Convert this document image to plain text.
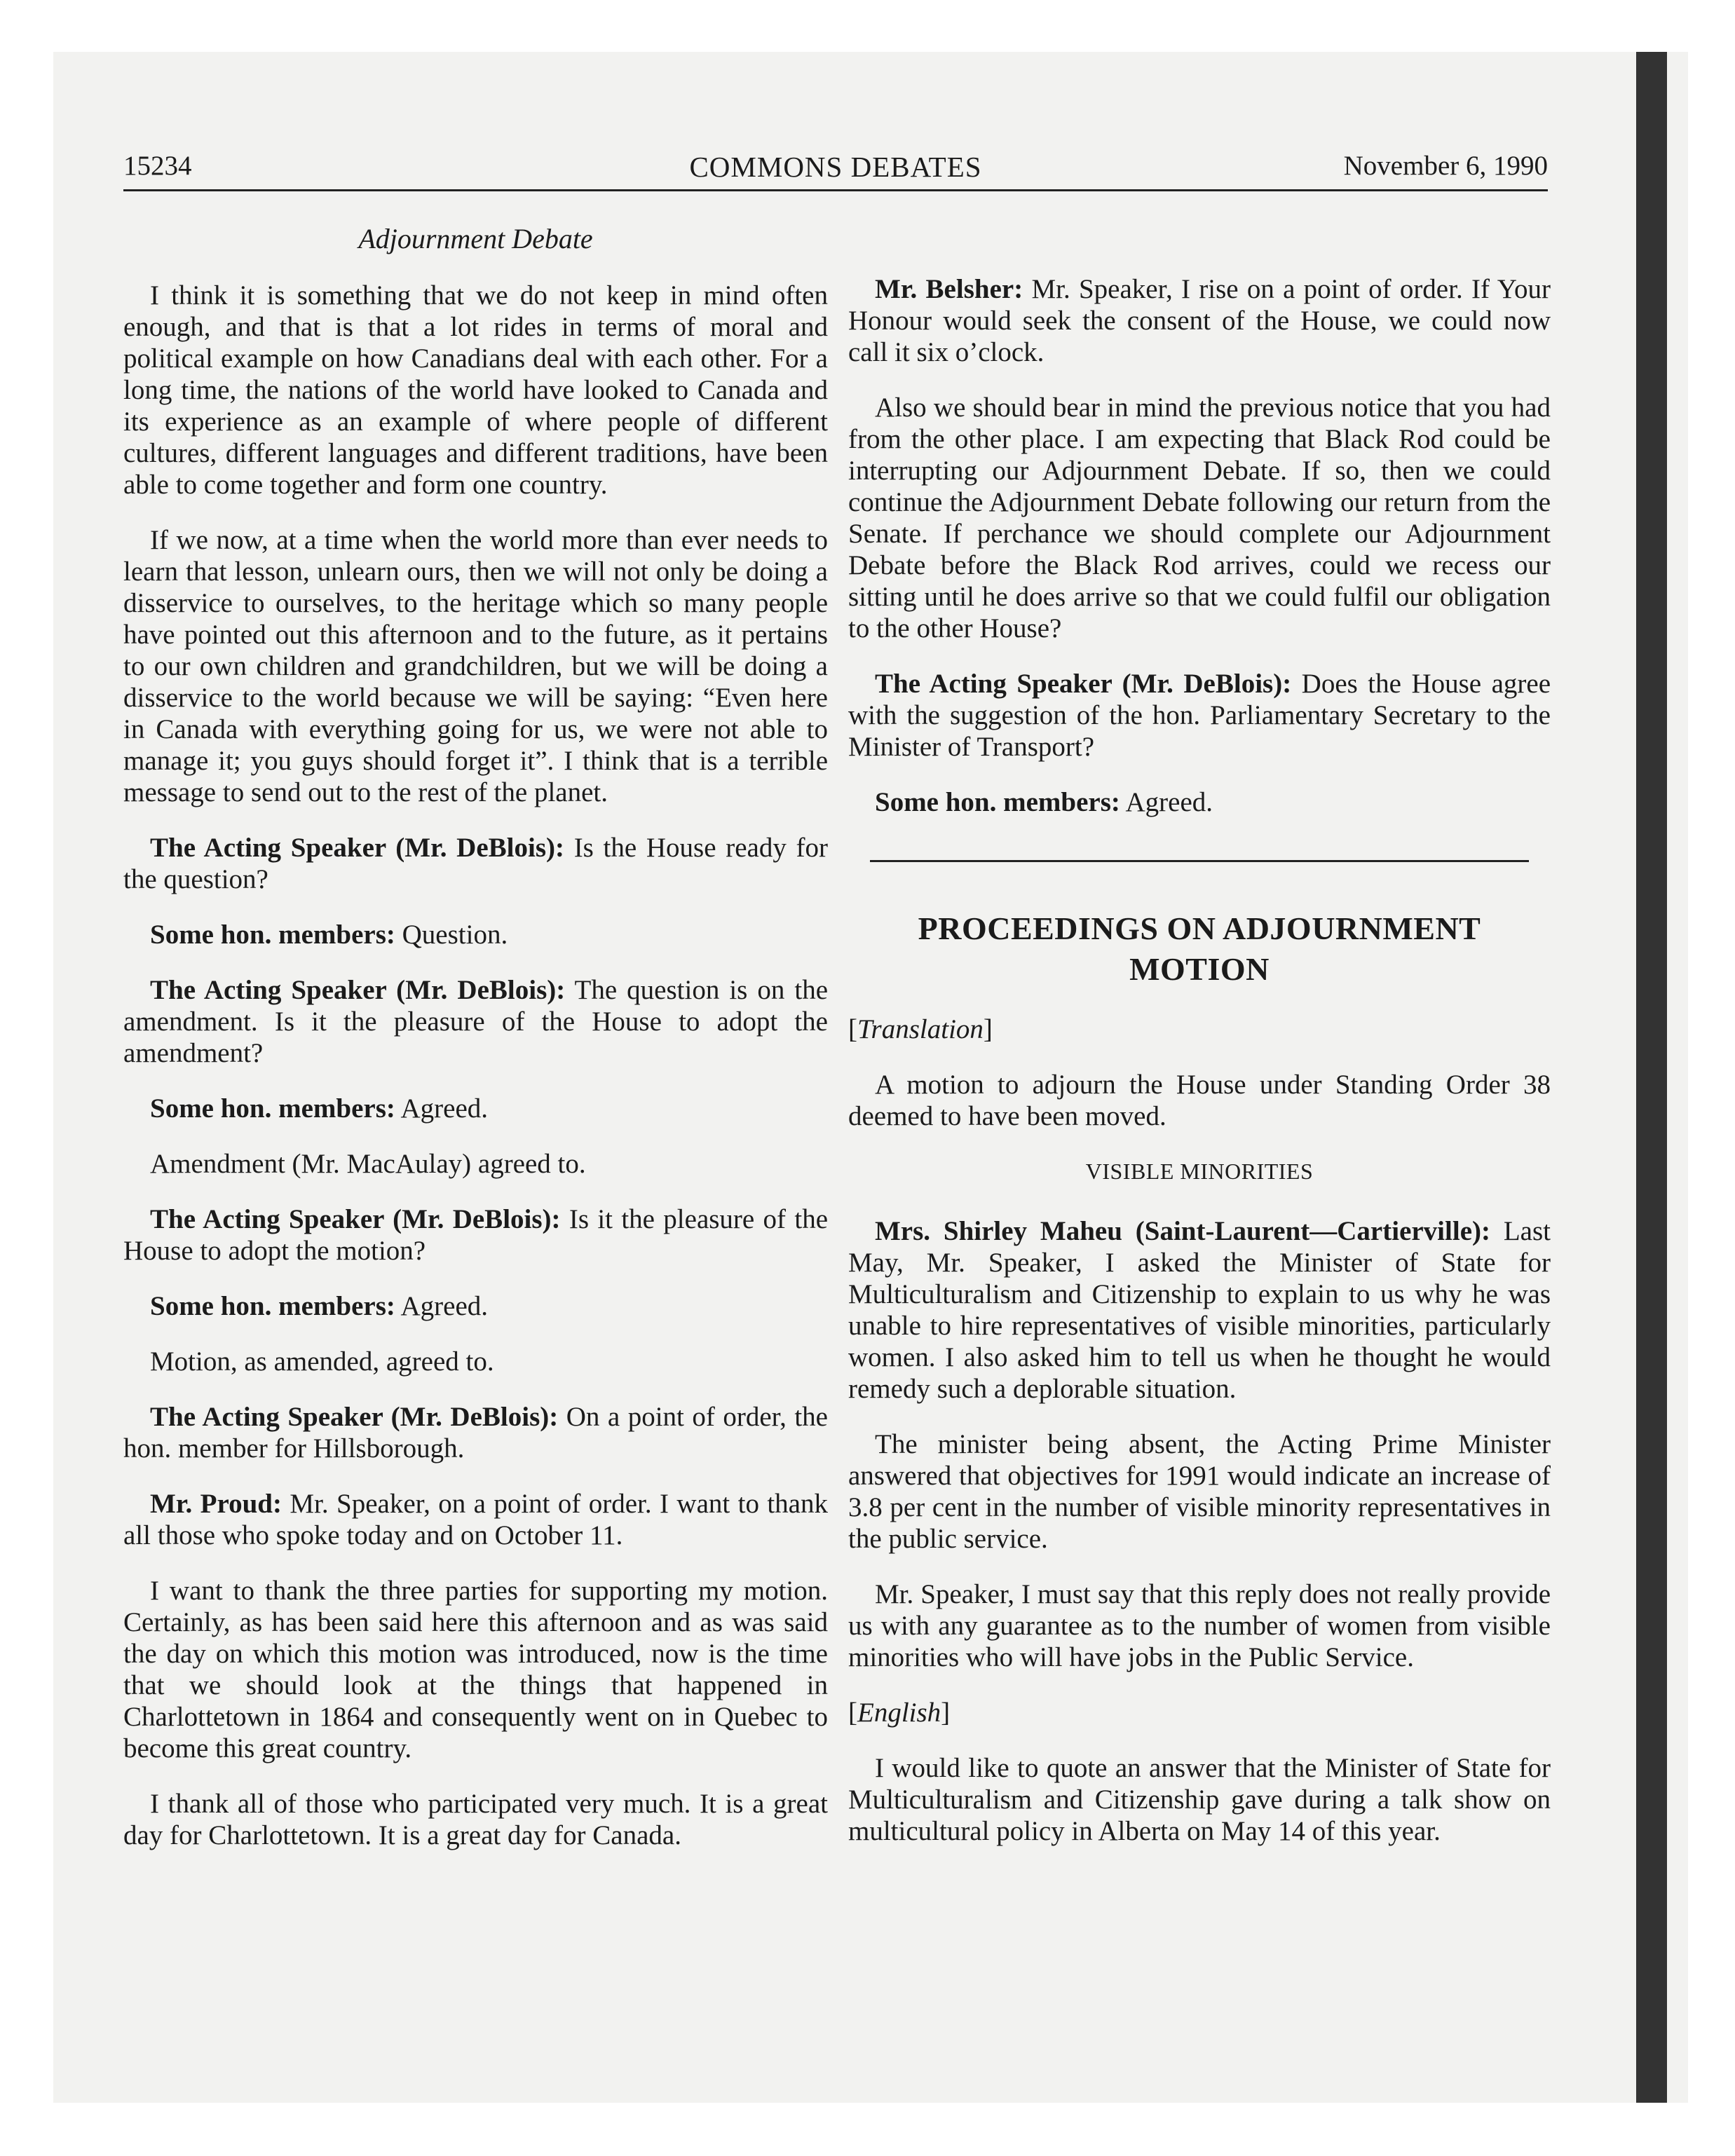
15234	COMMONS DEBATES	November 6, 1990
Adjournment Debate

I think it is something that we do not keep in mind often enough, and that is that a lot rides in terms of moral and political example on how Canadians deal with each other. For a long time, the nations of the world have looked to Canada and its experience as an example of where people of different cultures, different languages and different traditions, have been able to come together and form one country.

If we now, at a time when the world more than ever needs to learn that lesson, unlearn ours, then we will not only be doing a disservice to ourselves, to the heritage which so many people have pointed out this afternoon and to the future, as it pertains to our own children and grandchildren, but we will be doing a disservice to the world because we will be saying: “Even here in Canada with everything going for us, we were not able to manage it; you guys should forget it”. I think that is a terrible message to send out to the rest of the planet.

The Acting Speaker (Mr. DeBlois): Is the House ready for the question?

Some hon. members: Question.

The Acting Speaker (Mr. DeBlois): The question is on the amendment. Is it the pleasure of the House to adopt the amendment?

Some hon. members: Agreed.

Amendment (Mr. MacAulay) agreed to.

The Acting Speaker (Mr. DeBlois): Is it the pleasure of the House to adopt the motion?

Some hon. members: Agreed.

Motion, as amended, agreed to.

The Acting Speaker (Mr. DeBlois): On a point of order, the hon. member for Hillsborough.

Mr. Proud: Mr. Speaker, on a point of order. I want to thank all those who spoke today and on October 11.

I want to thank the three parties for supporting my motion. Certainly, as has been said here this afternoon and as was said the day on which this motion was introduced, now is the time that we should look at the things that happened in Charlottetown in 1864 and consequently went on in Quebec to become this great country.

I thank all of those who participated very much. It is a great day for Charlottetown. It is a great day for Canada.

Mr. Belsher: Mr. Speaker, I rise on a point of order. If Your Honour would seek the consent of the House, we could now call it six o’clock.

Also we should bear in mind the previous notice that you had from the other place. I am expecting that Black Rod could be interrupting our Adjournment Debate. If so, then we could continue the Adjournment Debate following our return from the Senate. If perchance we should complete our Adjournment Debate before the Black Rod arrives, could we recess our sitting until he does arrive so that we could fulfil our obligation to the other House?

The Acting Speaker (Mr. DeBlois): Does the House agree with the suggestion of the hon. Parliamentary Secretary to the Minister of Transport?

Some hon. members: Agreed.

PROCEEDINGS ON ADJOURNMENT
MOTION
[Translation]

A motion to adjourn the House under Standing Order 38 deemed to have been moved.

VISIBLE MINORITIES

Mrs. Shirley Maheu (Saint-Laurent—Cartierville): Last May, Mr. Speaker, I asked the Minister of State for Multiculturalism and Citizenship to explain to us why he was unable to hire representatives of visible minorities, particularly women. I also asked him to tell us when he thought he would remedy such a deplorable situation.

The minister being absent, the Acting Prime Minister answered that objectives for 1991 would indicate an increase of 3.8 per cent in the number of visible minority representatives in the public service.

Mr. Speaker, I must say that this reply does not really provide us with any guarantee as to the number of women from visible minorities who will have jobs in the Public Service.

[English]

I would like to quote an answer that the Minister of State for Multiculturalism and Citizenship gave during a talk show on multicultural policy in Alberta on May 14 of this year.
